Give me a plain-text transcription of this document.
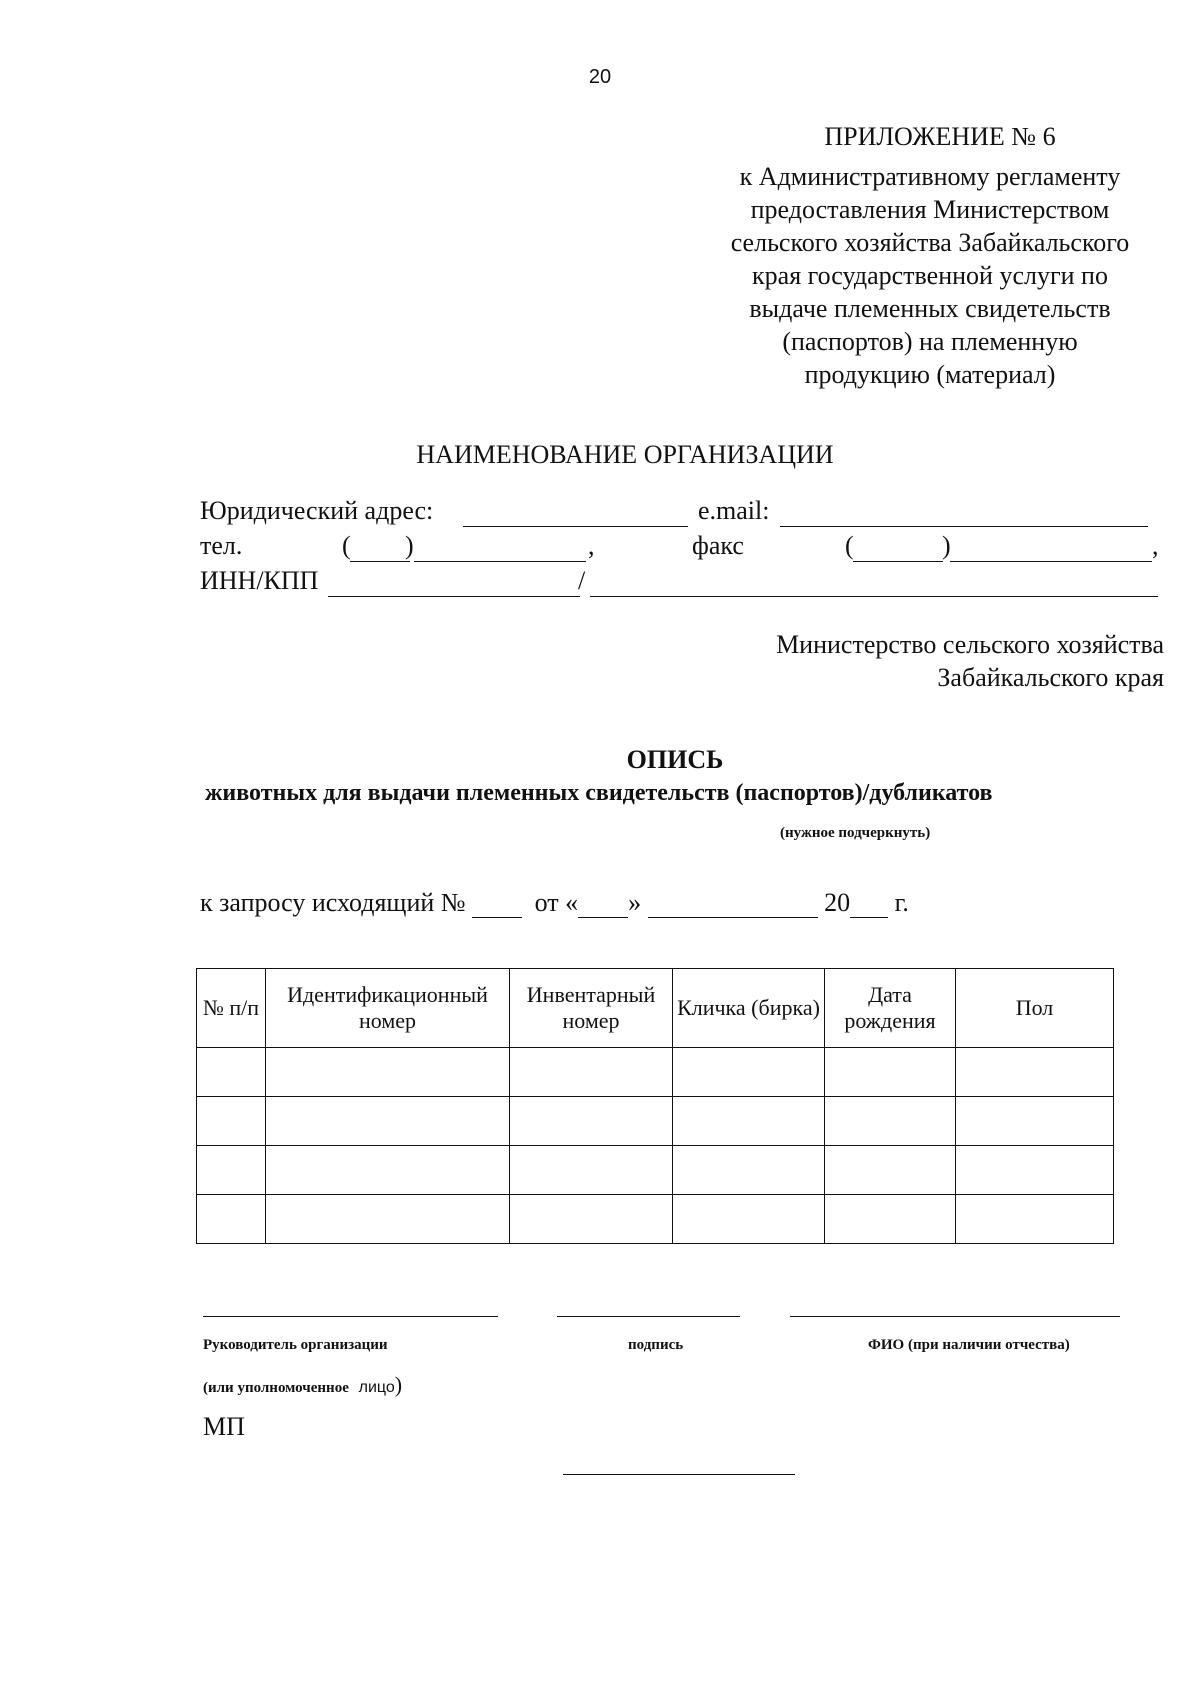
20
ПРИЛОЖЕНИЕ № 6
к Административному регламенту
предоставления Министерством
сельского хозяйства Забайкальского
края государственной услуги по
выдаче племенных свидетельств
(паспортов) на племенную
продукцию (материал)
НАИМЕНОВАНИЕ ОРГАНИЗАЦИИ
Юридический адрес:	e.mail:
тел.	( )	,	факс	(	)	,
ИНН/КПП	/
Министерство сельского хозяйства
Забайкальского края
ОПИСЬ
животных для выдачи племенных свидетельств (паспортов)/дубликатов
(нужное подчеркнуть)
к запросу исходящий №	от « »	20 г.
№ п/п	Идентификационный номер	Инвентарный номер	Кличка (бирка)	Дата рождения	Пол

Руководитель организации	подпись	ФИО (при наличии отчества)
(или уполномоченное лицо)
МП
